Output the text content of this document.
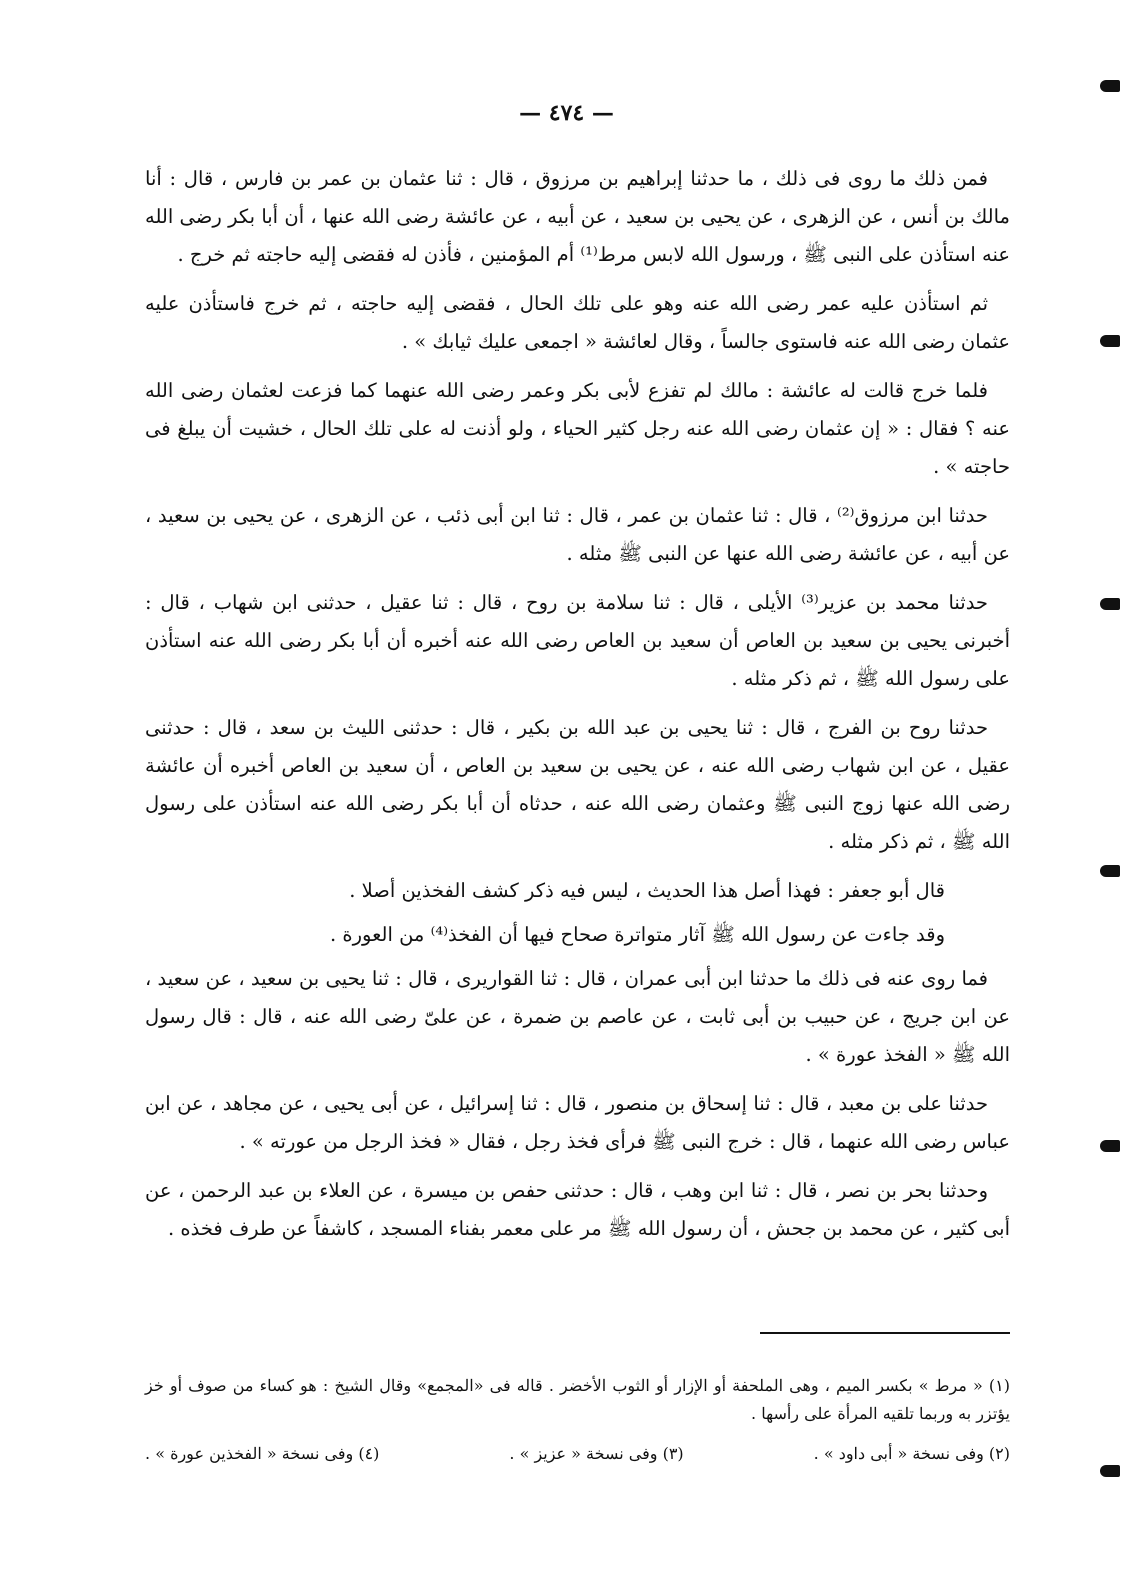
— ٤٧٤ —

فمن ذلك ما روى فى ذلك ، ما حدثنا إبراهيم بن مرزوق ، قال : ثنا عثمان بن عمر بن فارس ، قال : أنا مالك بن أنس ، عن الزهرى ، عن يحيى بن سعيد ، عن أبيه ، عن عائشة رضى الله عنها ، أن أبا بكر رضى الله عنه استأذن على النبى ﷺ ، ورسول الله لابس مرط⁽¹⁾ أم المؤمنين ، فأذن له فقضى إليه حاجته ثم خرج .

ثم استأذن عليه عمر رضى الله عنه وهو على تلك الحال ، فقضى إليه حاجته ، ثم خرج فاستأذن عليه عثمان رضى الله عنه فاستوى جالساً ، وقال لعائشة « اجمعى عليك ثيابك » .

فلما خرج قالت له عائشة : مالك لم تفزع لأبى بكر وعمر رضى الله عنهما كما فزعت لعثمان رضى الله عنه ؟ فقال : « إن عثمان رضى الله عنه رجل كثير الحياء ، ولو أذنت له على تلك الحال ، خشيت أن يبلغ فى حاجته » .

حدثنا ابن مرزوق⁽²⁾ ، قال : ثنا عثمان بن عمر ، قال : ثنا ابن أبى ذئب ، عن الزهرى ، عن يحيى بن سعيد ، عن أبيه ، عن عائشة رضى الله عنها عن النبى ﷺ مثله .

حدثنا محمد بن عزير⁽³⁾ الأيلى ، قال : ثنا سلامة بن روح ، قال : ثنا عقيل ، حدثنى ابن شهاب ، قال : أخبرنى يحيى بن سعيد بن العاص أن سعيد بن العاص رضى الله عنه أخبره أن أبا بكر رضى الله عنه استأذن على رسول الله ﷺ ، ثم ذكر مثله .

حدثنا روح بن الفرج ، قال : ثنا يحيى بن عبد الله بن بكير ، قال : حدثنى الليث بن سعد ، قال : حدثنى عقيل ، عن ابن شهاب رضى الله عنه ، عن يحيى بن سعيد بن العاص ، أن سعيد بن العاص أخبره أن عائشة رضى الله عنها زوج النبى ﷺ وعثمان رضى الله عنه ، حدثاه أن أبا بكر رضى الله عنه استأذن على رسول الله ﷺ ، ثم ذكر مثله .

قال أبو جعفر : فهذا أصل هذا الحديث ، ليس فيه ذكر كشف الفخذين أصلا .

وقد جاءت عن رسول الله ﷺ آثار متواترة صحاح فيها أن الفخذ⁽⁴⁾ من العورة .

فما روى عنه فى ذلك ما حدثنا ابن أبى عمران ، قال : ثنا القواريرى ، قال : ثنا يحيى بن سعيد ، عن سعيد ، عن ابن جريج ، عن حبيب بن أبى ثابت ، عن عاصم بن ضمرة ، عن علىّ رضى الله عنه ، قال : قال رسول الله ﷺ « الفخذ عورة » .

حدثنا على بن معبد ، قال : ثنا إسحاق بن منصور ، قال : ثنا إسرائيل ، عن أبى يحيى ، عن مجاهد ، عن ابن عباس رضى الله عنهما ، قال : خرج النبى ﷺ فرأى فخذ رجل ، فقال « فخذ الرجل من عورته » .

وحدثنا بحر بن نصر ، قال : ثنا ابن وهب ، قال : حدثنى حفص بن ميسرة ، عن العلاء بن عبد الرحمن ، عن أبى كثير ، عن محمد بن جحش ، أن رسول الله ﷺ مر على معمر بفناء المسجد ، كاشفاً عن طرف فخذه .

(١) « مرط » بكسر الميم ، وهى الملحفة أو الإزار أو الثوب الأخضر . قاله فى «المجمع» وقال الشيخ : هو كساء من صوف أو خز يؤتزر به وربما تلقيه المرأة على رأسها .
(٢) وفى نسخة « أبى داود » .
(٣) وفى نسخة « عزيز » .
(٤) وفى نسخة « الفخذين عورة » .
